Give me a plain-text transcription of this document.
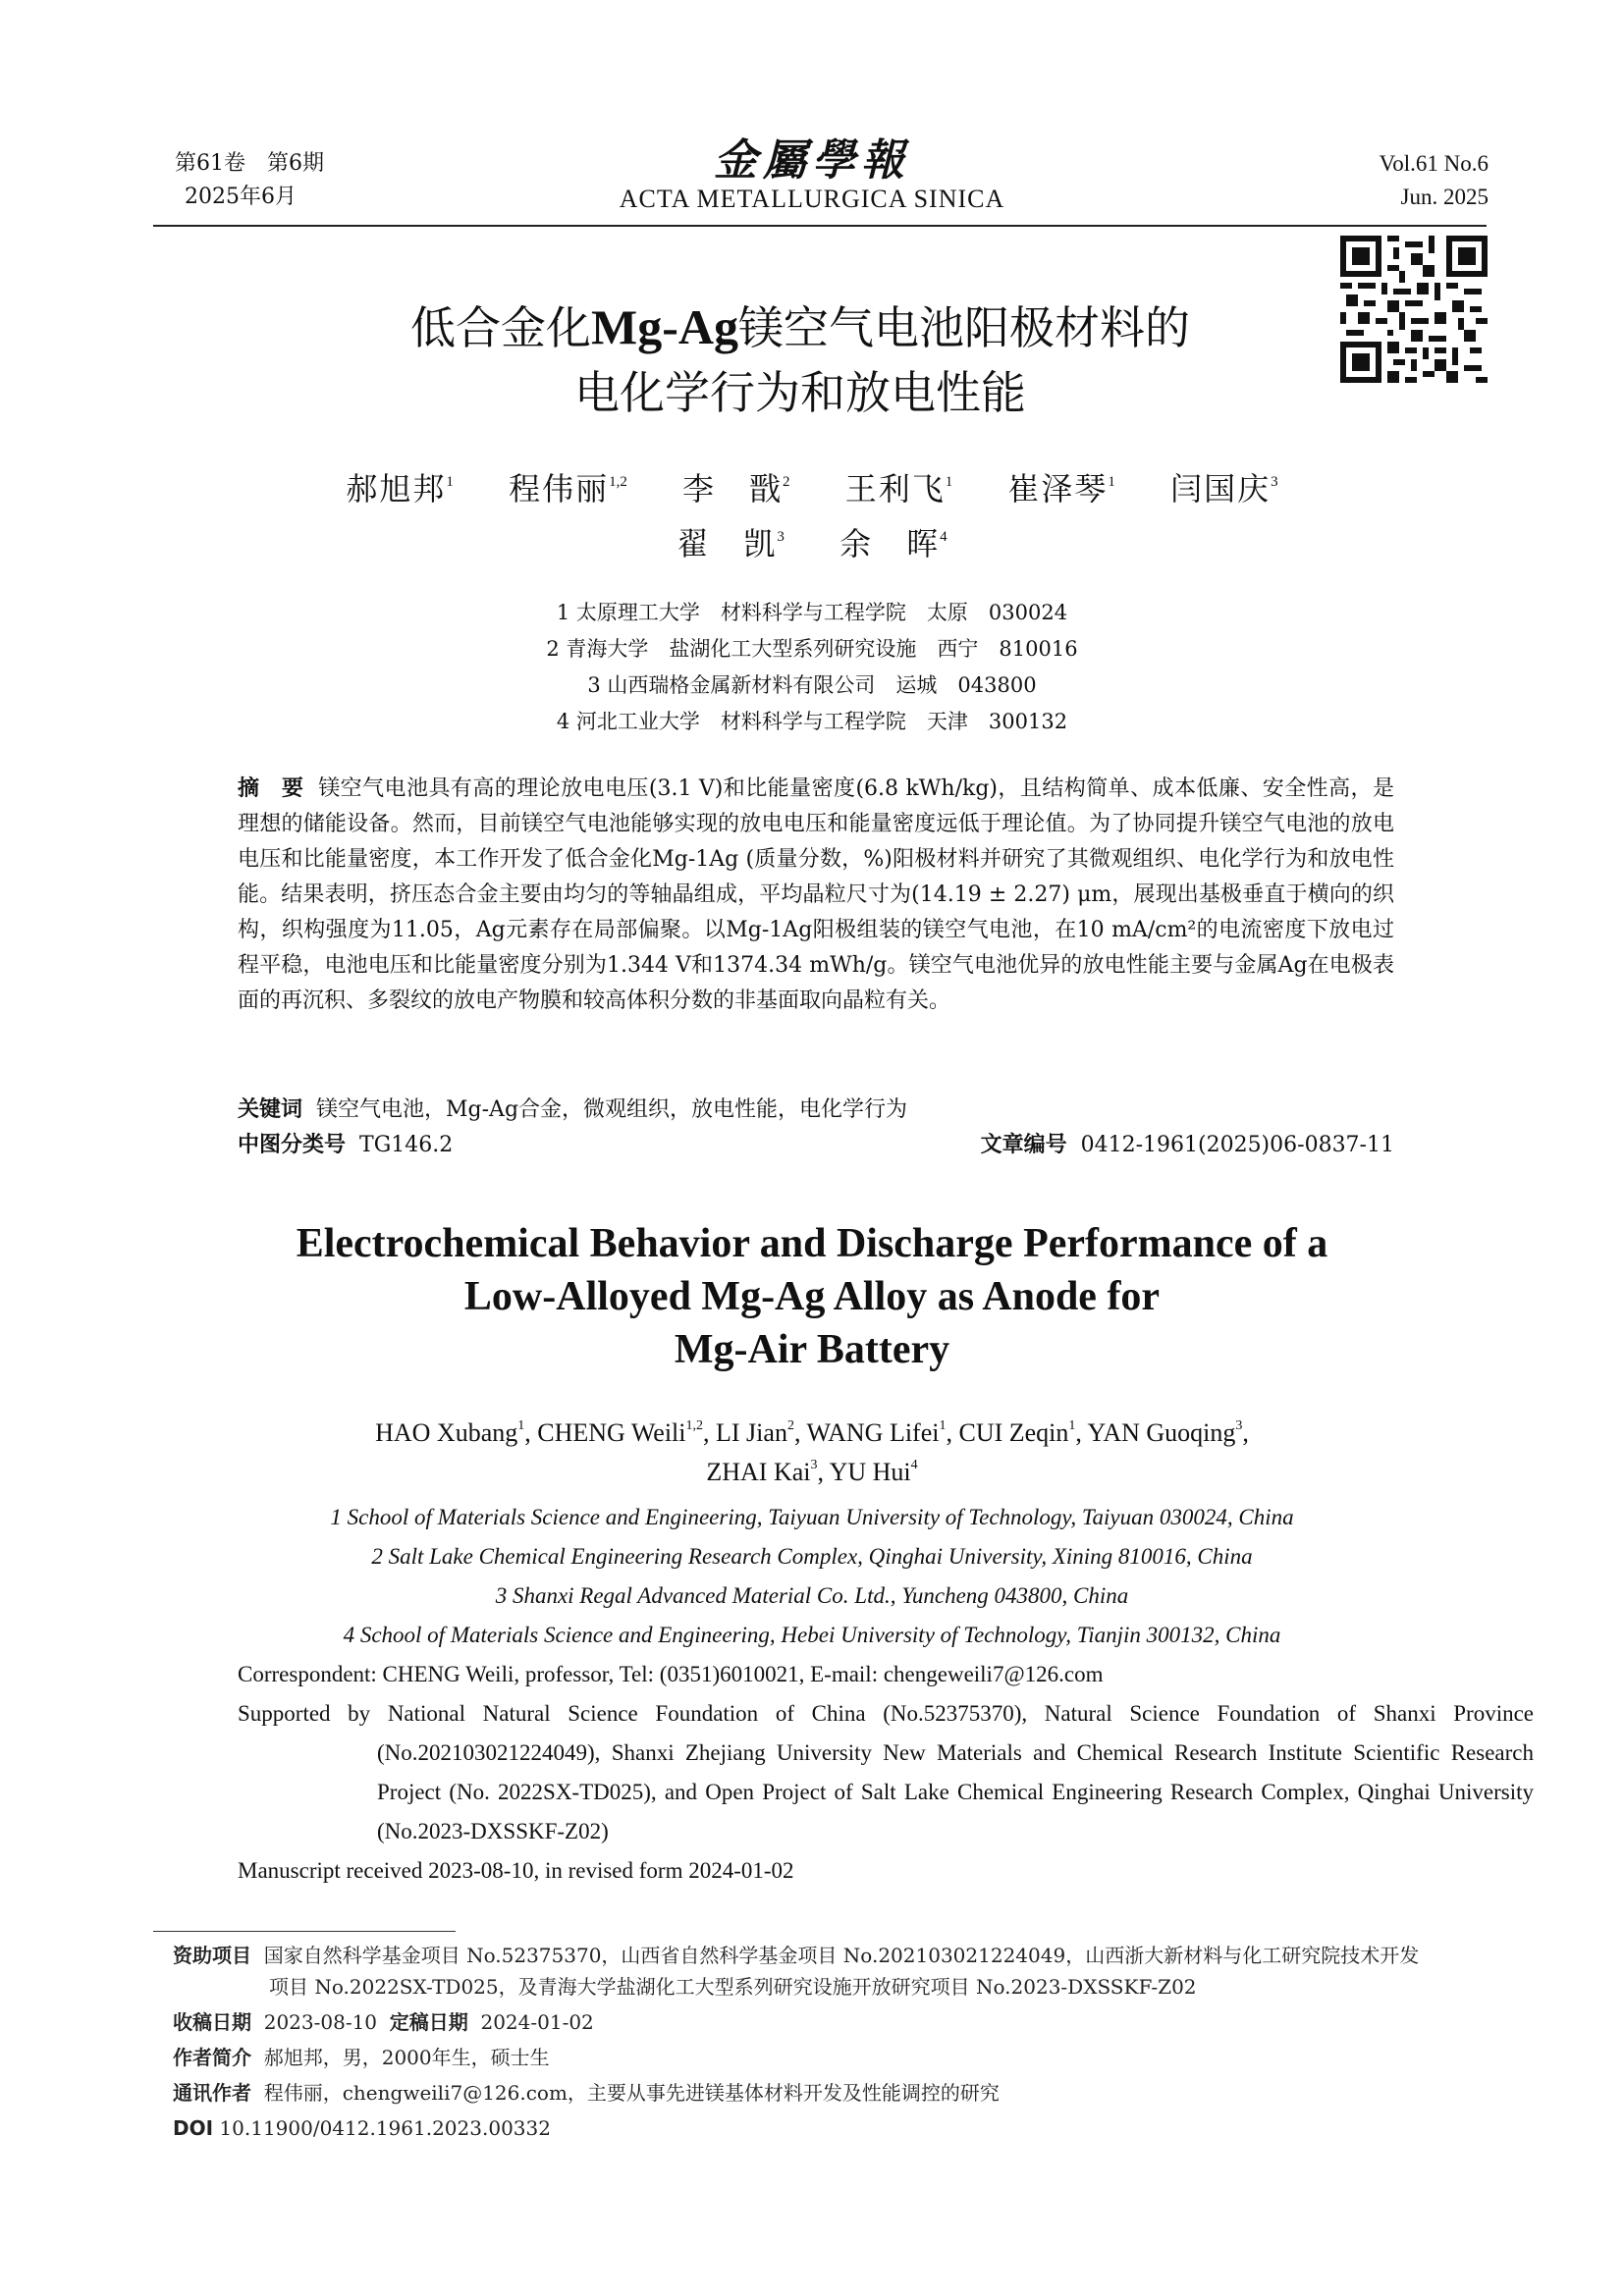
第61卷　第6期
2025年6月
金屬學報
ACTA METALLURGICA SINICA
Vol.61 No.6
Jun. 2025
低合金化Mg-Ag镁空气电池阳极材料的
电化学行为和放电性能
郝旭邦$^1$ 程伟丽$^{1,2}$ 李　戬$^2$ 王利飞$^1$ 崔泽琴$^1$ 闫国庆$^3$
翟　凯$^3$ 余　晖$^4$
1 太原理工大学　材料科学与工程学院　太原　030024
2 青海大学　盐湖化工大型系列研究设施　西宁　810016
3 山西瑞格金属新材料有限公司　运城　043800
4 河北工业大学　材料科学与工程学院　天津　300132
摘　要 镁空气电池具有高的理论放电电压(3.1 V)和比能量密度(6.8 kWh/kg)，且结构简单、成本低廉、安全性高，是理想的储能设备。然而，目前镁空气电池能够实现的放电电压和能量密度远低于理论值。为了协同提升镁空气电池的放电电压和比能量密度，本工作开发了低合金化Mg-1Ag (质量分数，%)阳极材料并研究了其微观组织、电化学行为和放电性能。结果表明，挤压态合金主要由均匀的等轴晶组成，平均晶粒尺寸为(14.19 ± 2.27) μm，展现出基极垂直于横向的织构，织构强度为11.05，Ag元素存在局部偏聚。以Mg-1Ag阳极组装的镁空气电池，在10 mA/cm²的电流密度下放电过程平稳，电池电压和比能量密度分别为1.344 V和1374.34 mWh/g。镁空气电池优异的放电性能主要与金属Ag在电极表面的再沉积、多裂纹的放电产物膜和较高体积分数的非基面取向晶粒有关。
关键词 镁空气电池，Mg-Ag合金，微观组织，放电性能，电化学行为
中图分类号 TG146.2	文章编号 0412-1961(2025)06-0837-11
Electrochemical Behavior and Discharge Performance of a
Low-Alloyed Mg-Ag Alloy as Anode for
Mg-Air Battery
HAO Xubang$^1$, CHENG Weili$^{1,2}$, LI Jian$^2$, WANG Lifei$^1$, CUI Zeqin$^1$, YAN Guoqing$^3$,
ZHAI Kai$^3$, YU Hui$^4$
1 School of Materials Science and Engineering, Taiyuan University of Technology, Taiyuan 030024, China
2 Salt Lake Chemical Engineering Research Complex, Qinghai University, Xining 810016, China
3 Shanxi Regal Advanced Material Co. Ltd., Yuncheng 043800, China
4 School of Materials Science and Engineering, Hebei University of Technology, Tianjin 300132, China
Correspondent: CHENG Weili, professor, Tel: (0351)6010021, E-mail: chengeweili7@126.com
Supported by National Natural Science Foundation of China (No.52375370), Natural Science Foundation of Shanxi Province (No.202103021224049), Shanxi Zhejiang University New Materials and Chemical Research Institute Scientific Research Project (No. 2022SX-TD025), and Open Project of Salt Lake Chemical Engineering Research Complex, Qinghai University (No.2023-DXSSKF-Z02)
Manuscript received 2023-08-10, in revised form 2024-01-02
资助项目 国家自然科学基金项目 No.52375370，山西省自然科学基金项目 No.202103021224049，山西浙大新材料与化工研究院技术开发项目 No.2022SX-TD025，及青海大学盐湖化工大型系列研究设施开放研究项目 No.2023-DXSSKF-Z02
收稿日期 2023-08-10 定稿日期 2024-01-02
作者简介 郝旭邦，男，2000年生，硕士生
通讯作者 程伟丽，chengweili7@126.com，主要从事先进镁基体材料开发及性能调控的研究
DOI 10.11900/0412.1961.2023.00332
